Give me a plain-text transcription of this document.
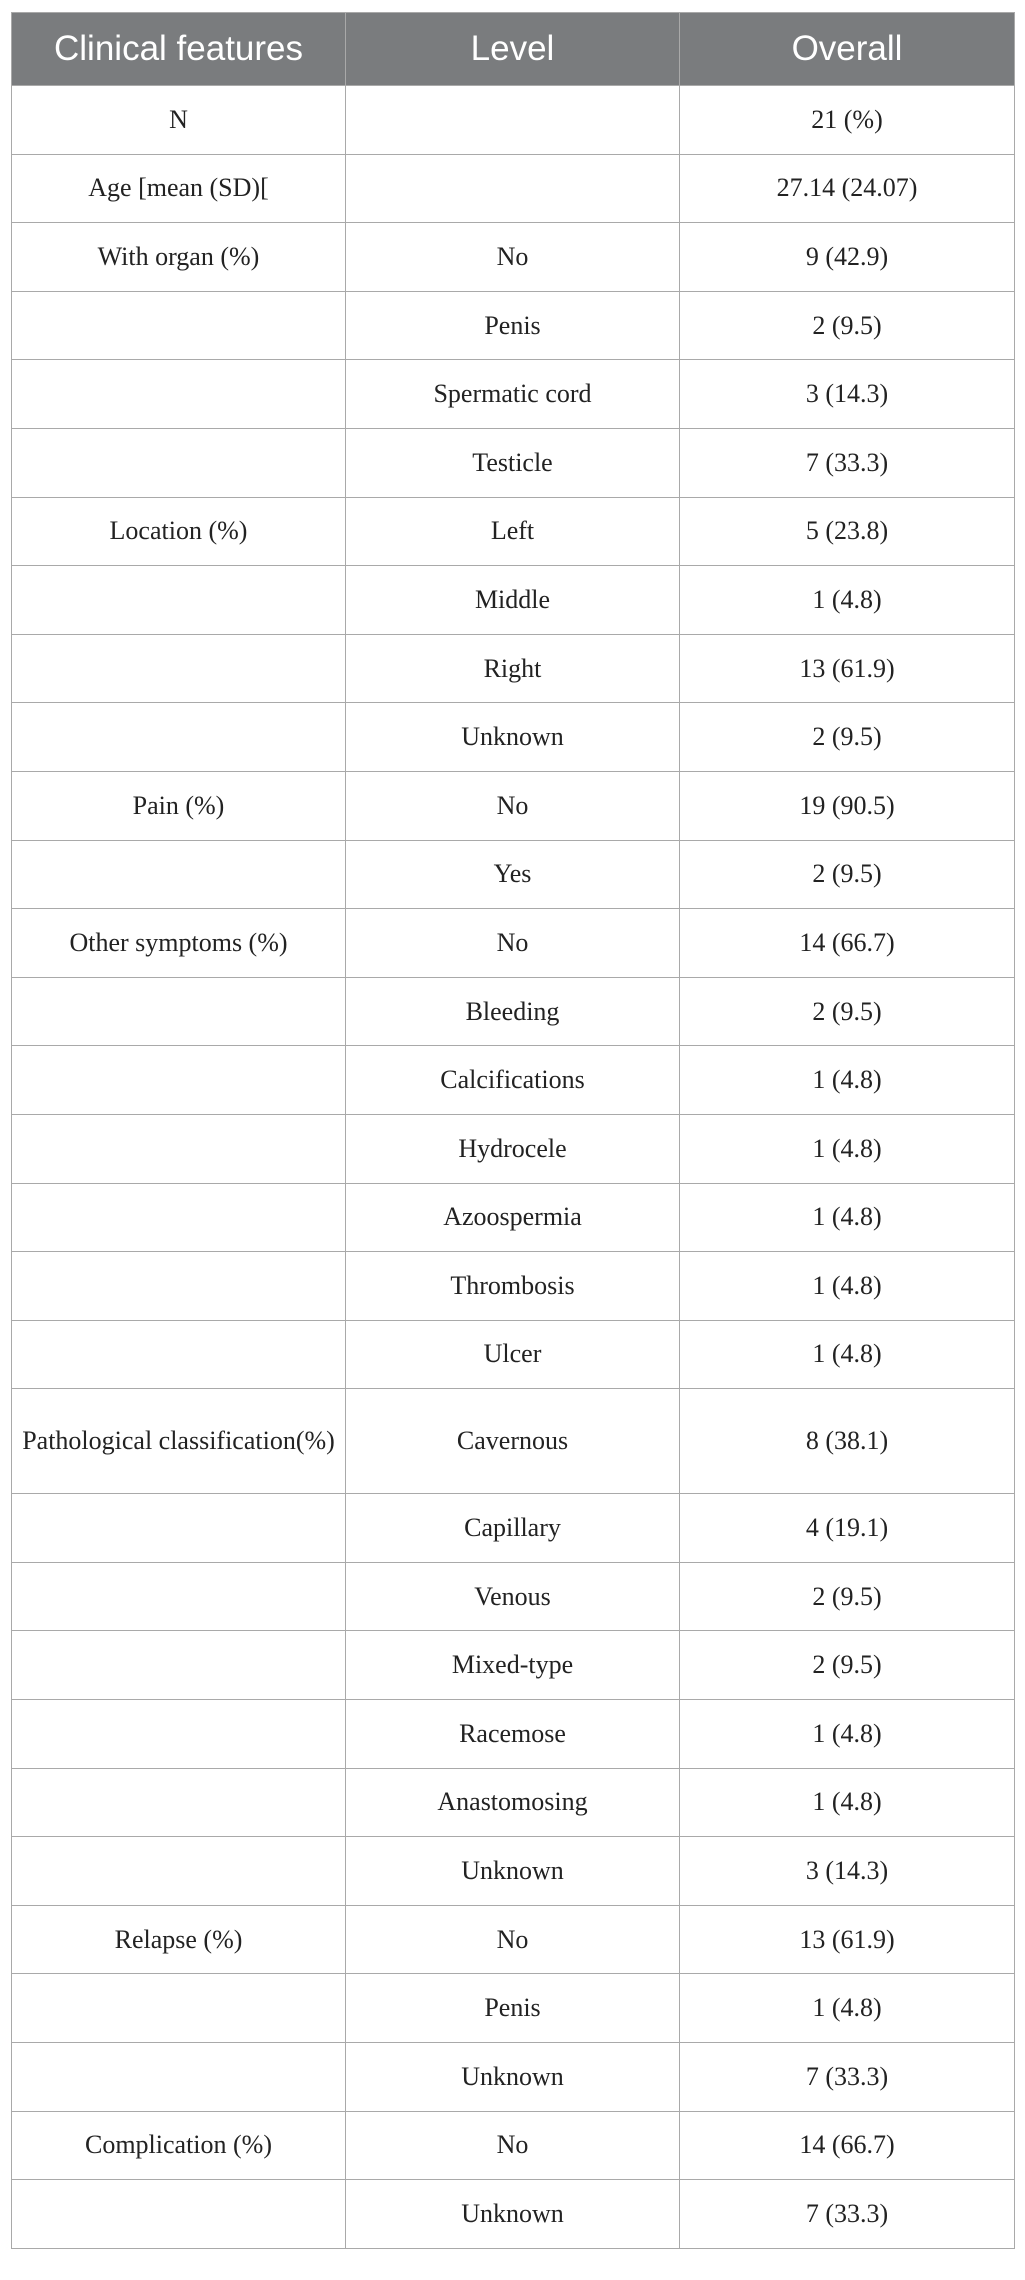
Clinical features	Level	Overall
N		21 (%)
Age [mean (SD)[		27.14 (24.07)
With organ (%)	No	9 (42.9)
	Penis	2 (9.5)
	Spermatic cord	3 (14.3)
	Testicle	7 (33.3)
Location (%)	Left	5 (23.8)
	Middle	1 (4.8)
	Right	13 (61.9)
	Unknown	2 (9.5)
Pain (%)	No	19 (90.5)
	Yes	2 (9.5)
Other symptoms (%)	No	14 (66.7)
	Bleeding	2 (9.5)
	Calcifications	1 (4.8)
	Hydrocele	1 (4.8)
	Azoospermia	1 (4.8)
	Thrombosis	1 (4.8)
	Ulcer	1 (4.8)
Pathological classification(%)	Cavernous	8 (38.1)
	Capillary	4 (19.1)
	Venous	2 (9.5)
	Mixed-type	2 (9.5)
	Racemose	1 (4.8)
	Anastomosing	1 (4.8)
	Unknown	3 (14.3)
Relapse (%)	No	13 (61.9)
	Penis	1 (4.8)
	Unknown	7 (33.3)
Complication (%)	No	14 (66.7)
	Unknown	7 (33.3)
